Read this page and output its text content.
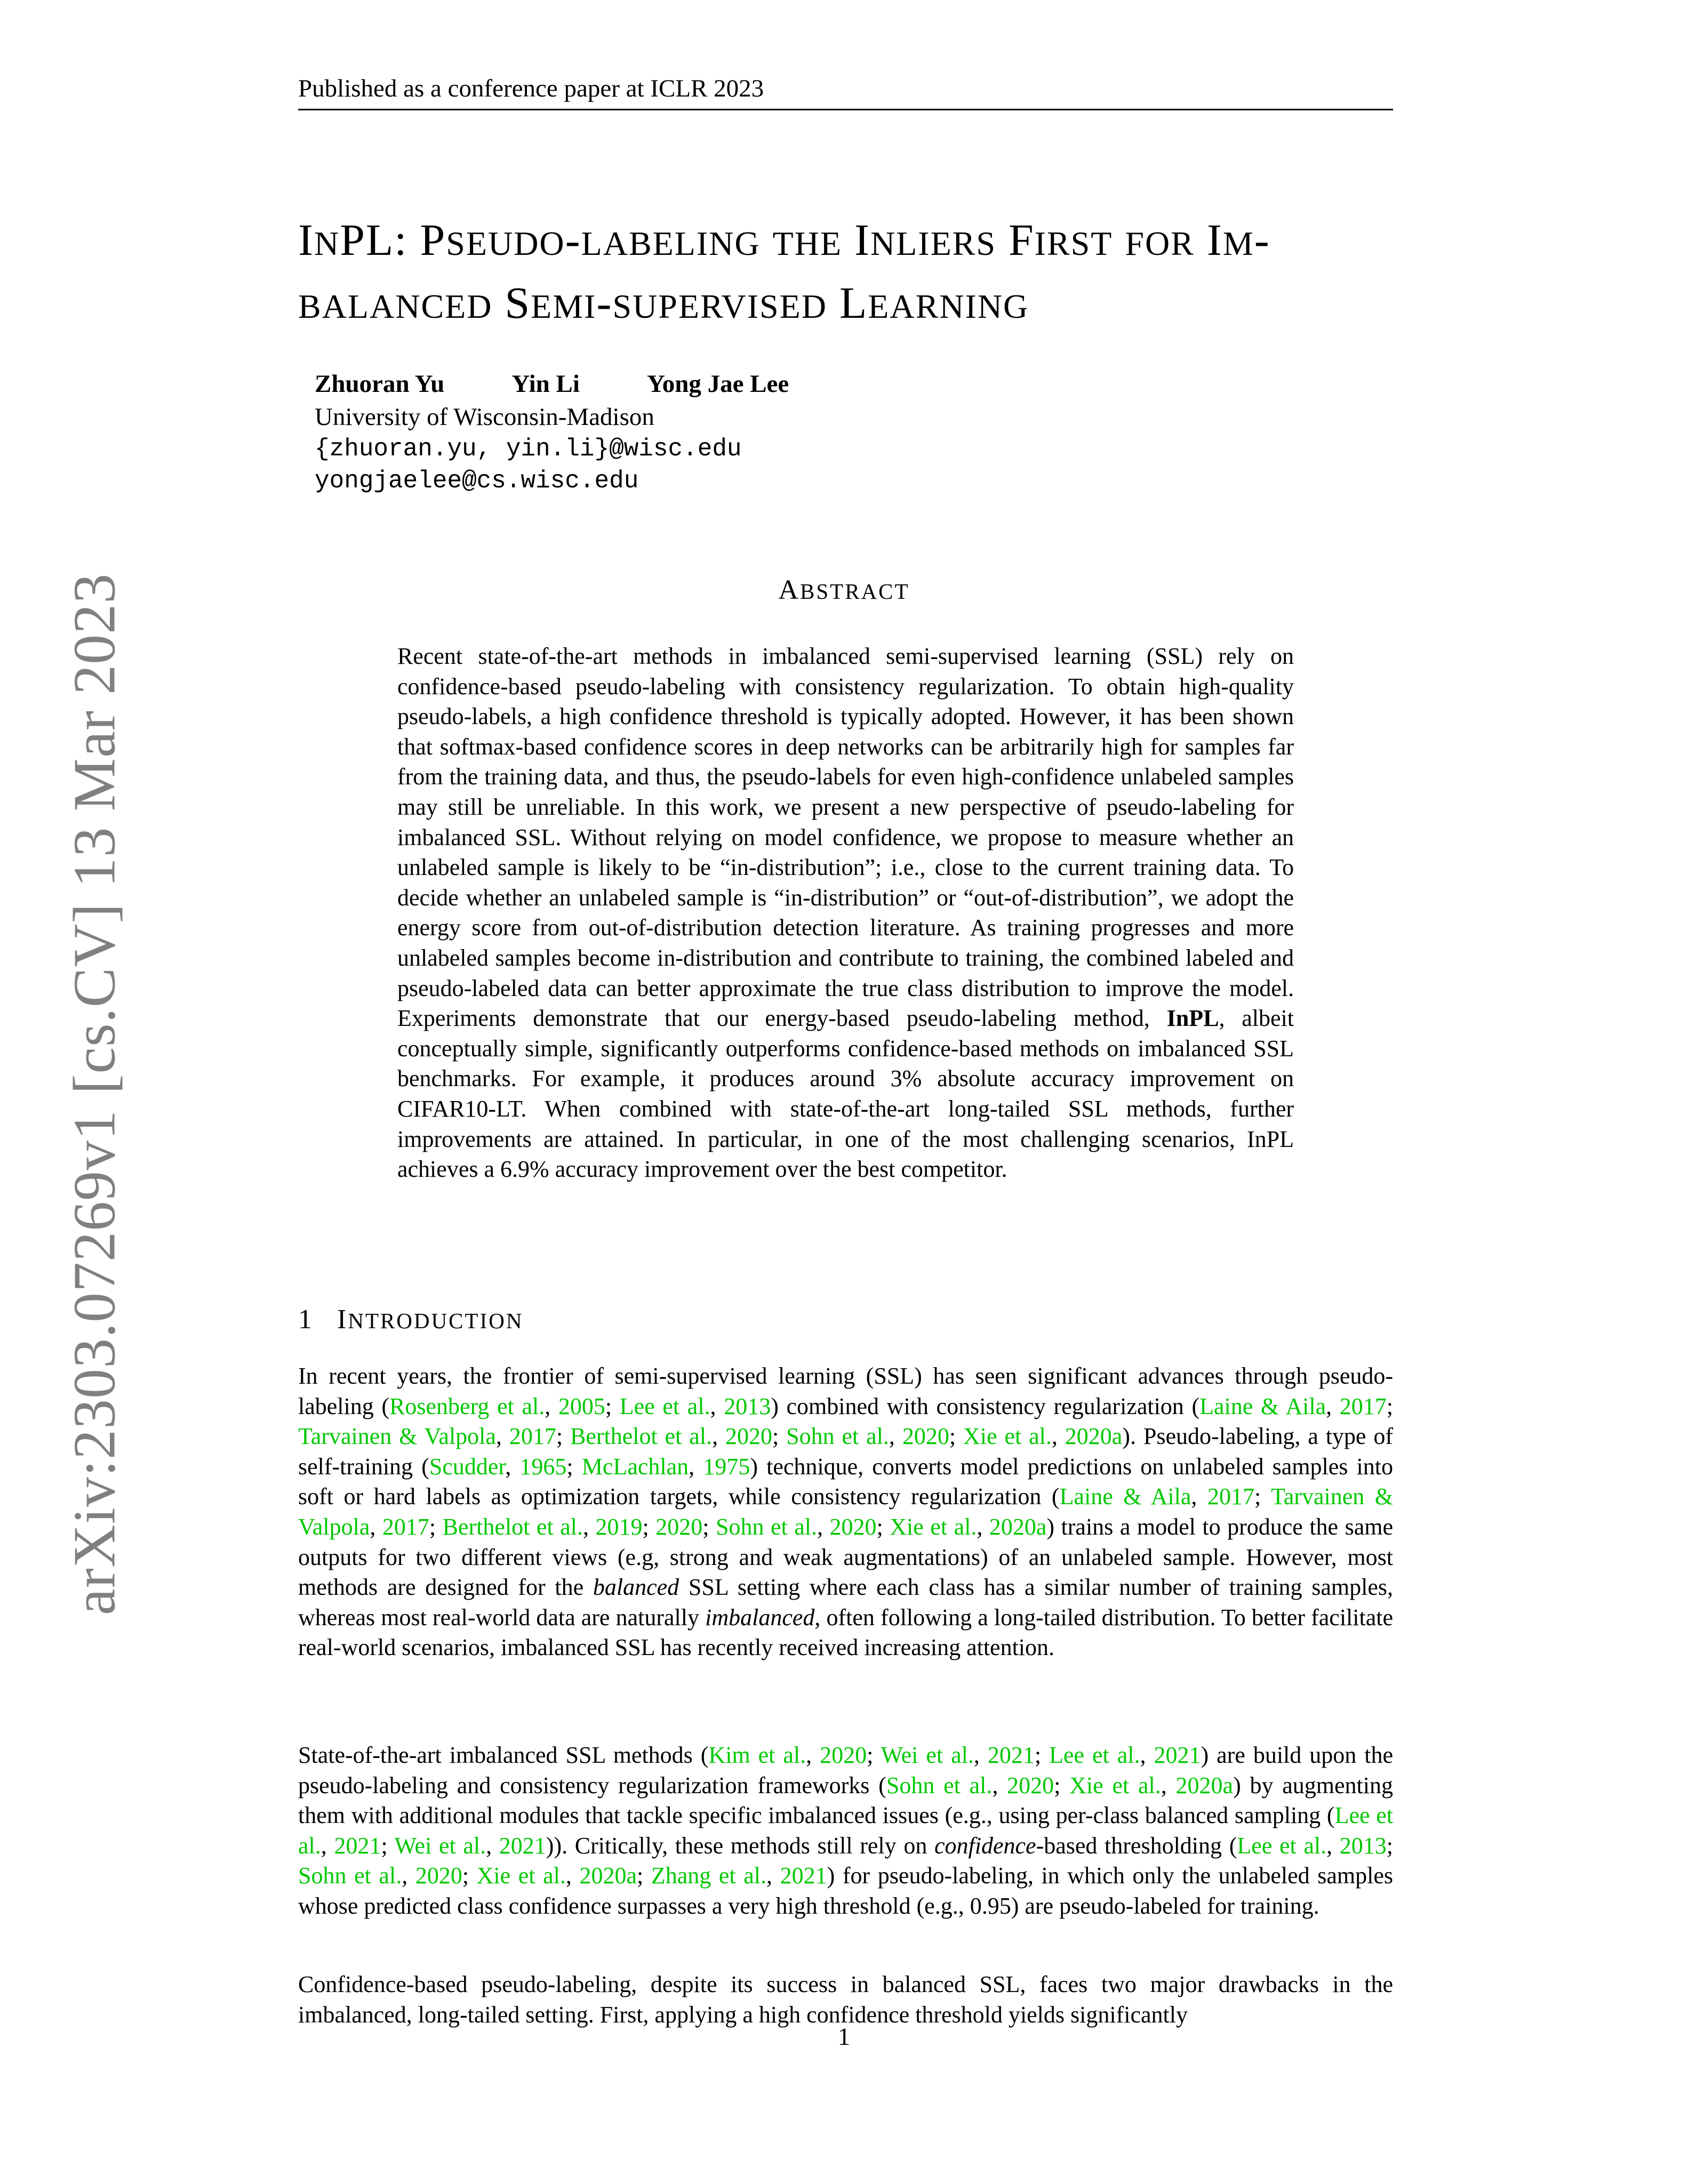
Published as a conference paper at ICLR 2023
arXiv:2303.07269v1 [cs.CV] 13 Mar 2023
INPL: PSEUDO-LABELING THE INLIERS FIRST FOR IM-
BALANCED SEMI-SUPERVISED LEARNING
Zhuoran Yu	Yin Li	Yong Jae Lee
University of Wisconsin-Madison
{zhuoran.yu, yin.li}@wisc.edu
yongjaelee@cs.wisc.edu
ABSTRACT

Recent state-of-the-art methods in imbalanced semi-supervised learning (SSL) rely on confidence-based pseudo-labeling with consistency regularization. To obtain high-quality pseudo-labels, a high confidence threshold is typically adopted. However, it has been shown that softmax-based confidence scores in deep networks can be arbitrarily high for samples far from the training data, and thus, the pseudo-labels for even high-confidence unlabeled samples may still be unreliable. In this work, we present a new perspective of pseudo-labeling for imbalanced SSL. Without relying on model confidence, we propose to measure whether an unlabeled sample is likely to be “in-distribution”; i.e., close to the current training data. To decide whether an unlabeled sample is “in-distribution” or “out-of-distribution”, we adopt the energy score from out-of-distribution detection literature. As training progresses and more unlabeled samples become in-distribution and contribute to training, the combined labeled and pseudo-labeled data can better approximate the true class distribution to improve the model. Experiments demonstrate that our energy-based pseudo-labeling method, InPL, albeit conceptually simple, significantly outperforms confidence-based methods on imbalanced SSL benchmarks. For example, it produces around 3% absolute accuracy improvement on CIFAR10-LT. When combined with state-of-the-art long-tailed SSL methods, further improvements are attained. In particular, in one of the most challenging scenarios, InPL achieves a 6.9% accuracy improvement over the best competitor.

1 INTRODUCTION

In recent years, the frontier of semi-supervised learning (SSL) has seen significant advances through pseudo-labeling (Rosenberg et al., 2005; Lee et al., 2013) combined with consistency regularization (Laine & Aila, 2017; Tarvainen & Valpola, 2017; Berthelot et al., 2020; Sohn et al., 2020; Xie et al., 2020a). Pseudo-labeling, a type of self-training (Scudder, 1965; McLachlan, 1975) technique, converts model predictions on unlabeled samples into soft or hard labels as optimization targets, while consistency regularization (Laine & Aila, 2017; Tarvainen & Valpola, 2017; Berthelot et al., 2019; 2020; Sohn et al., 2020; Xie et al., 2020a) trains a model to produce the same outputs for two different views (e.g, strong and weak augmentations) of an unlabeled sample. However, most methods are designed for the balanced SSL setting where each class has a similar number of training samples, whereas most real-world data are naturally imbalanced, often following a long-tailed distribution. To better facilitate real-world scenarios, imbalanced SSL has recently received increasing attention.

State-of-the-art imbalanced SSL methods (Kim et al., 2020; Wei et al., 2021; Lee et al., 2021) are build upon the pseudo-labeling and consistency regularization frameworks (Sohn et al., 2020; Xie et al., 2020a) by augmenting them with additional modules that tackle specific imbalanced issues (e.g., using per-class balanced sampling (Lee et al., 2021; Wei et al., 2021)). Critically, these methods still rely on confidence-based thresholding (Lee et al., 2013; Sohn et al., 2020; Xie et al., 2020a; Zhang et al., 2021) for pseudo-labeling, in which only the unlabeled samples whose predicted class confidence surpasses a very high threshold (e.g., 0.95) are pseudo-labeled for training.

Confidence-based pseudo-labeling, despite its success in balanced SSL, faces two major drawbacks in the imbalanced, long-tailed setting. First, applying a high confidence threshold yields significantly

1
